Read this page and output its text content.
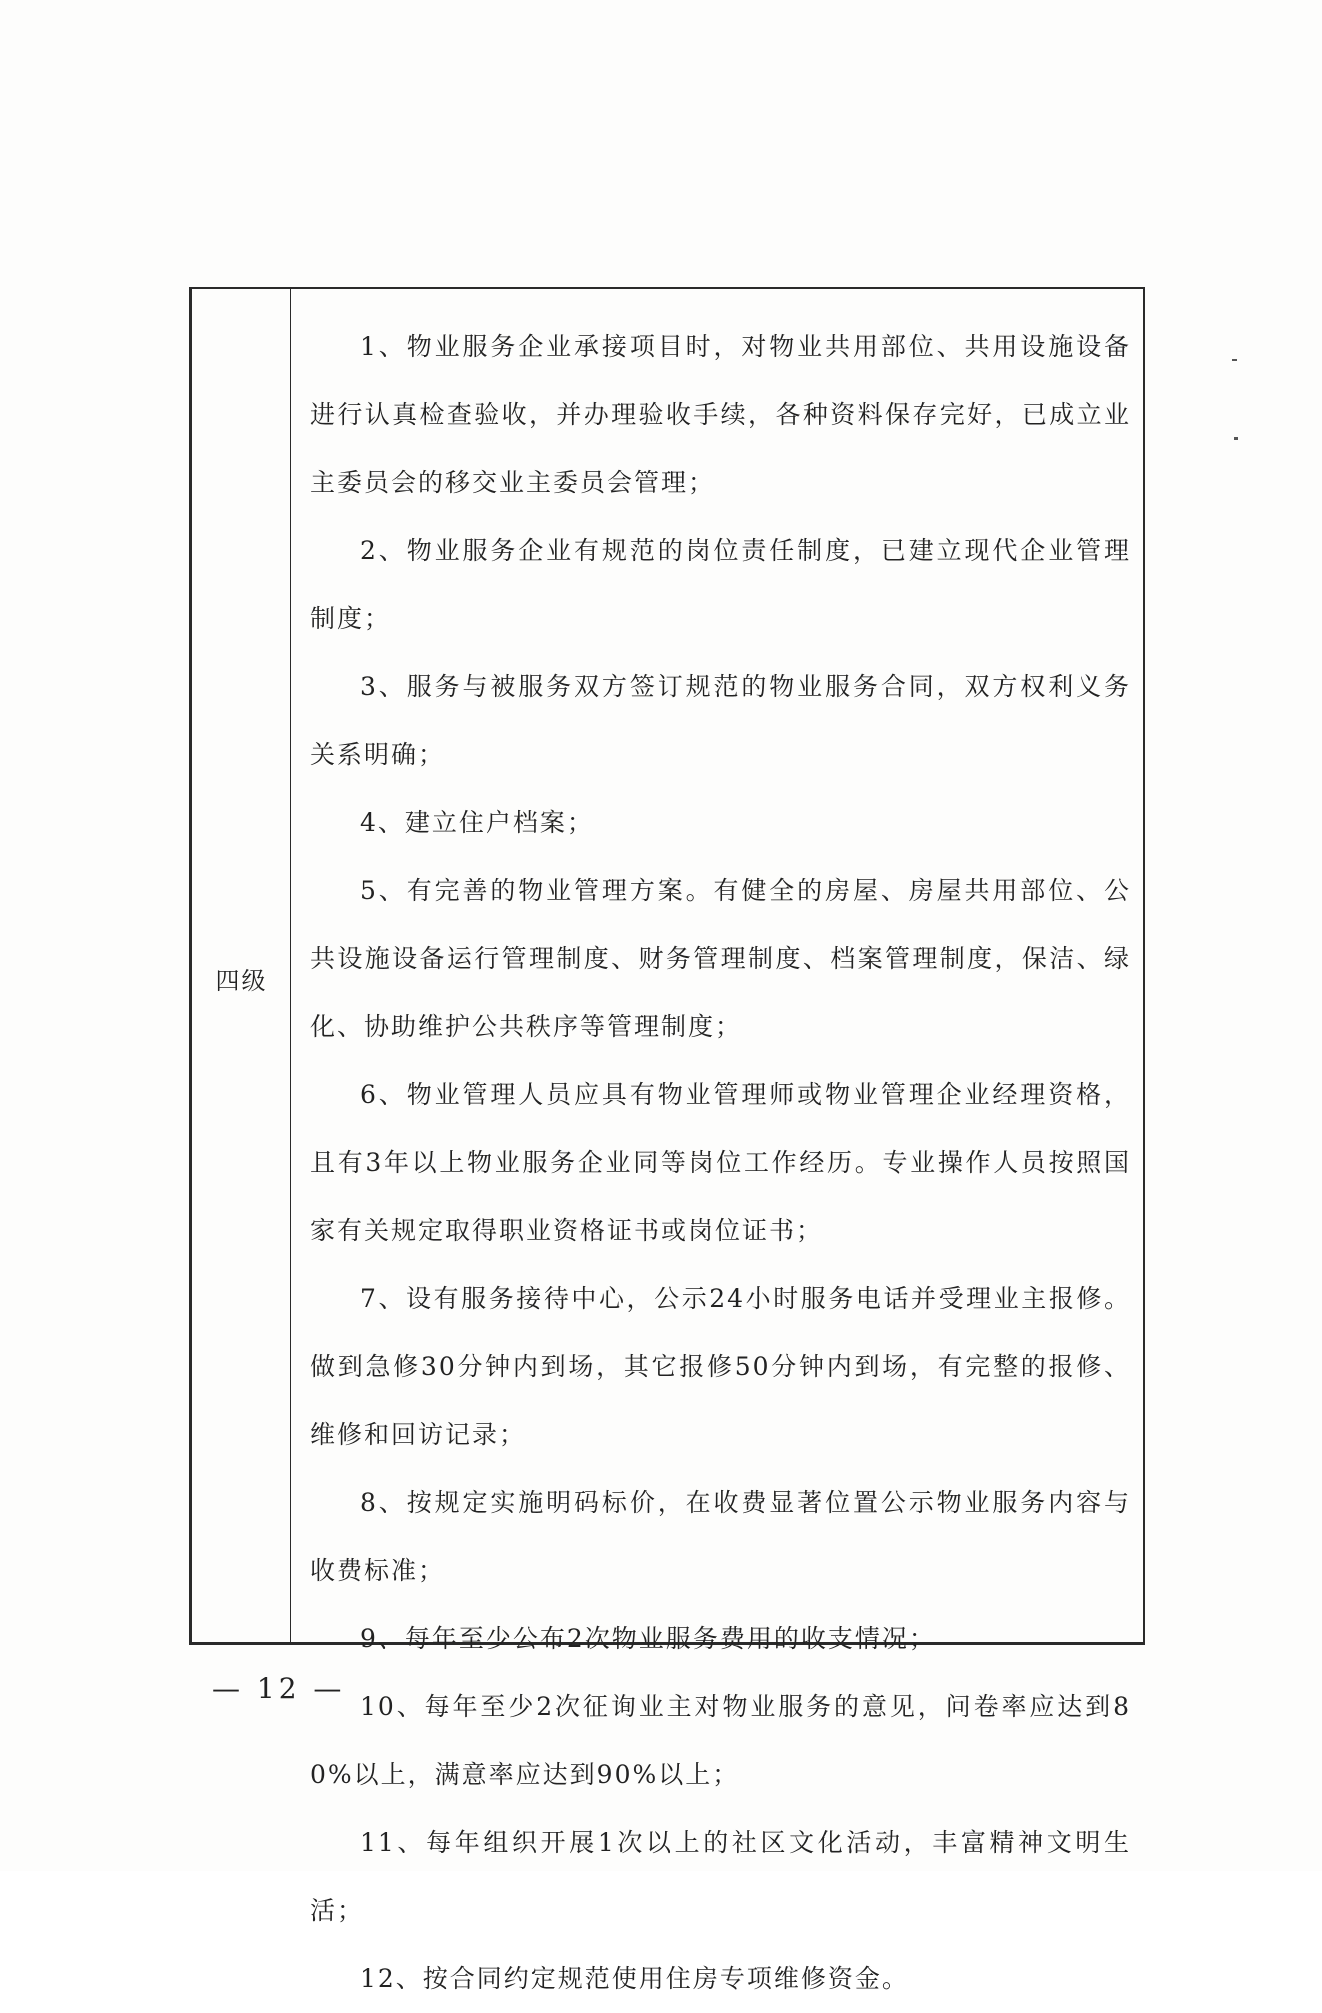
四级

1、物业服务企业承接项目时，对物业共用部位、共用设施设备进行认真检查验收，并办理验收手续，各种资料保存完好，已成立业主委员会的移交业主委员会管理；

2、物业服务企业有规范的岗位责任制度，已建立现代企业管理制度；

3、服务与被服务双方签订规范的物业服务合同，双方权利义务关系明确；

4、建立住户档案；

5、有完善的物业管理方案。有健全的房屋、房屋共用部位、公共设施设备运行管理制度、财务管理制度、档案管理制度，保洁、绿化、协助维护公共秩序等管理制度；

6、物业管理人员应具有物业管理师或物业管理企业经理资格，且有3年以上物业服务企业同等岗位工作经历。专业操作人员按照国家有关规定取得职业资格证书或岗位证书；

7、设有服务接待中心，公示24小时服务电话并受理业主报修。做到急修30分钟内到场，其它报修50分钟内到场，有完整的报修、维修和回访记录；

8、按规定实施明码标价，在收费显著位置公示物业服务内容与收费标准；

9、每年至少公布2次物业服务费用的收支情况；

10、每年至少2次征询业主对物业服务的意见，问卷率应达到80%以上，满意率应达到90%以上；

11、每年组织开展1次以上的社区文化活动，丰富精神文明生活；

12、按合同约定规范使用住房专项维修资金。

— 12 —
